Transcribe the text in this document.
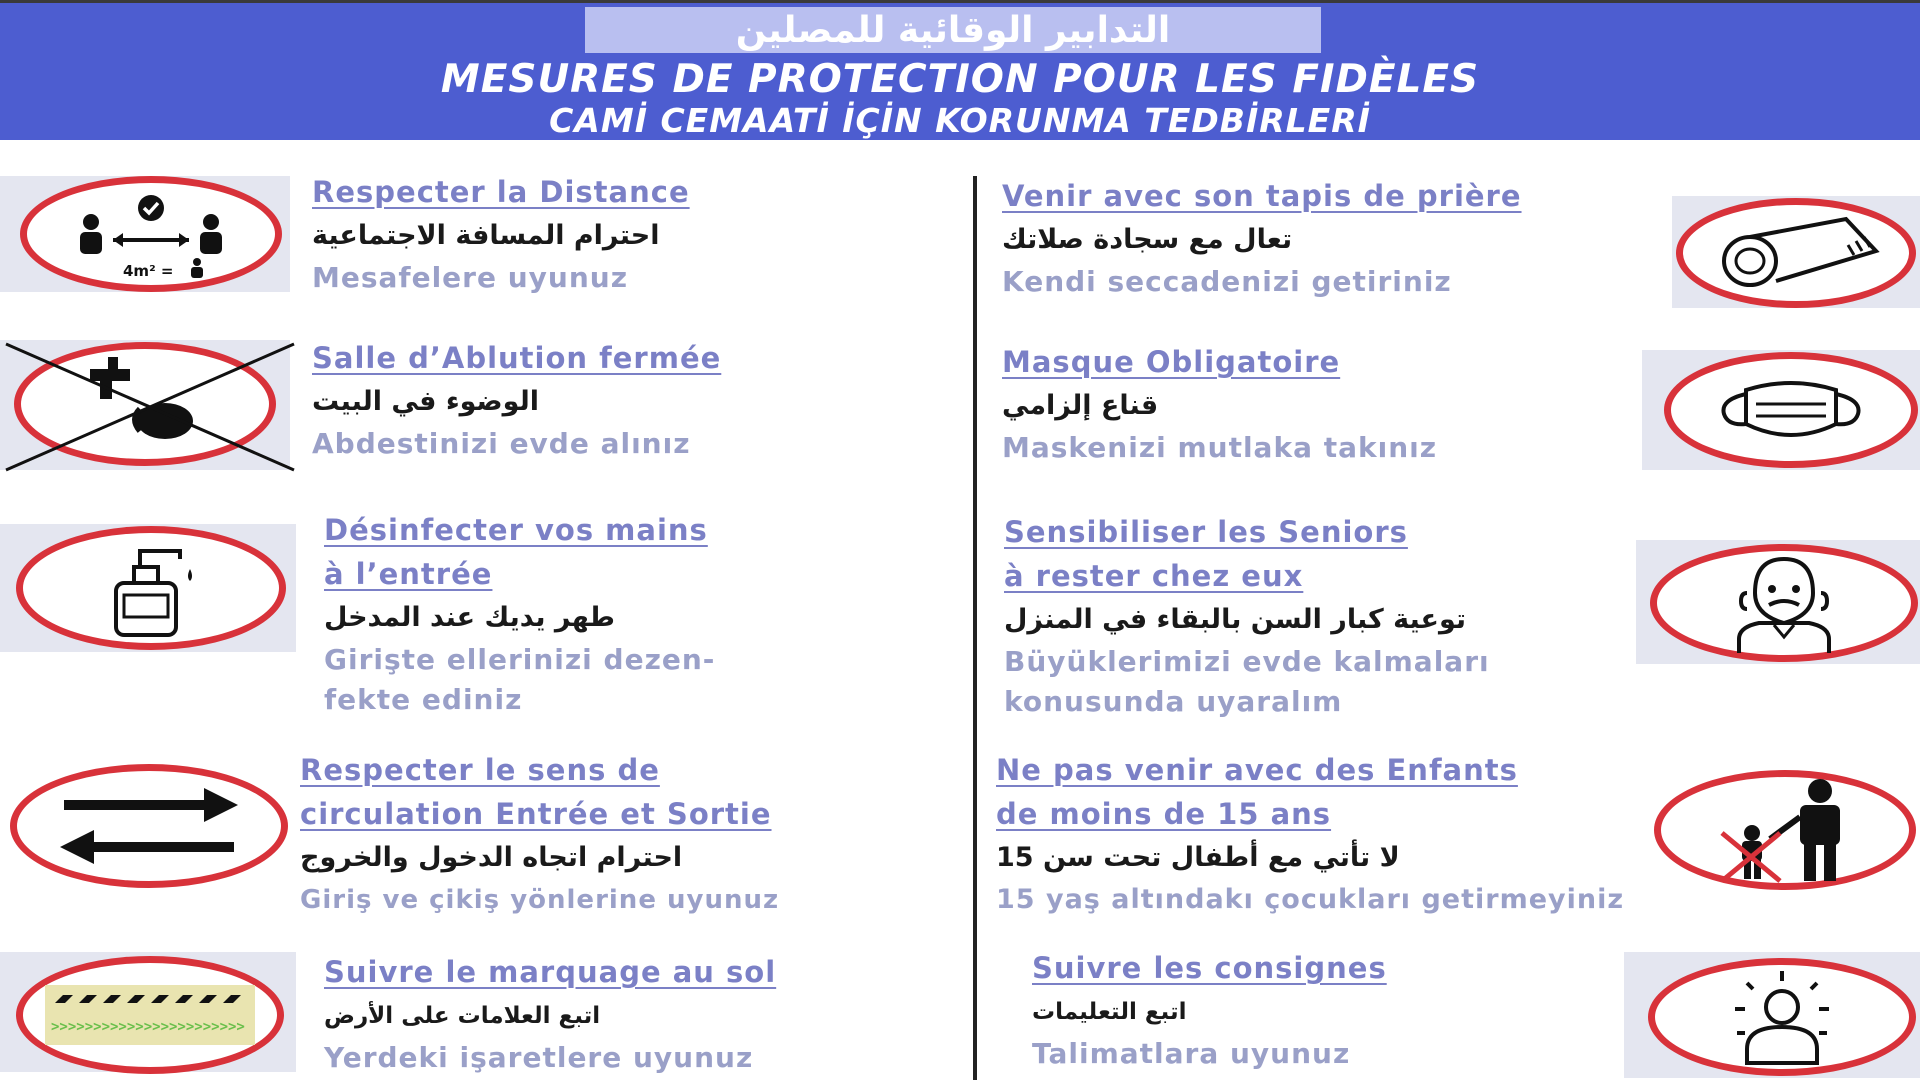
التدابير الوقائية للمصلين
MESURES DE PROTECTION POUR LES FIDÈLES
CAMİ CEMAATİ İÇİN KORUNMA TEDBİRLERİ
4m² =
Respecter la Distance
احترام المسافة الاجتماعية
Mesafelere uyunuz
Salle d’Ablution fermée
الوضوء في البيت
Abdestinizi evde alınız
Désinfecter vos mains
à l’entrée
طهر يديك عند المدخل
Girişte ellerinizi dezen-
fekte ediniz
Respecter le sens de
circulation Entrée et Sortie
احترام اتجاه الدخول والخروج
Giriş ve çikiş yönlerine uyunuz
>>>>>>>>>>>>>>>>>>>>>>>
Suivre le marquage au sol
اتبع العلامات على الأرض
Yerdeki işaretlere uyunuz
Venir avec son tapis de prière
تعال مع سجادة صلاتك
Kendi seccadenizi getiriniz
Masque Obligatoire
قناع إلزامي
Maskenizi mutlaka takınız
Sensibiliser les Seniors
à rester chez eux
توعية كبار السن بالبقاء في المنزل
Büyüklerimizi evde kalmaları
konusunda uyaralım
Ne pas venir avec des Enfants
de moins de 15 ans
لا تأتي مع أطفال تحت سن 15
15 yaş altındakı çocukları getirmeyiniz
Suivre les consignes
اتبع التعليمات
Talimatlara uyunuz
